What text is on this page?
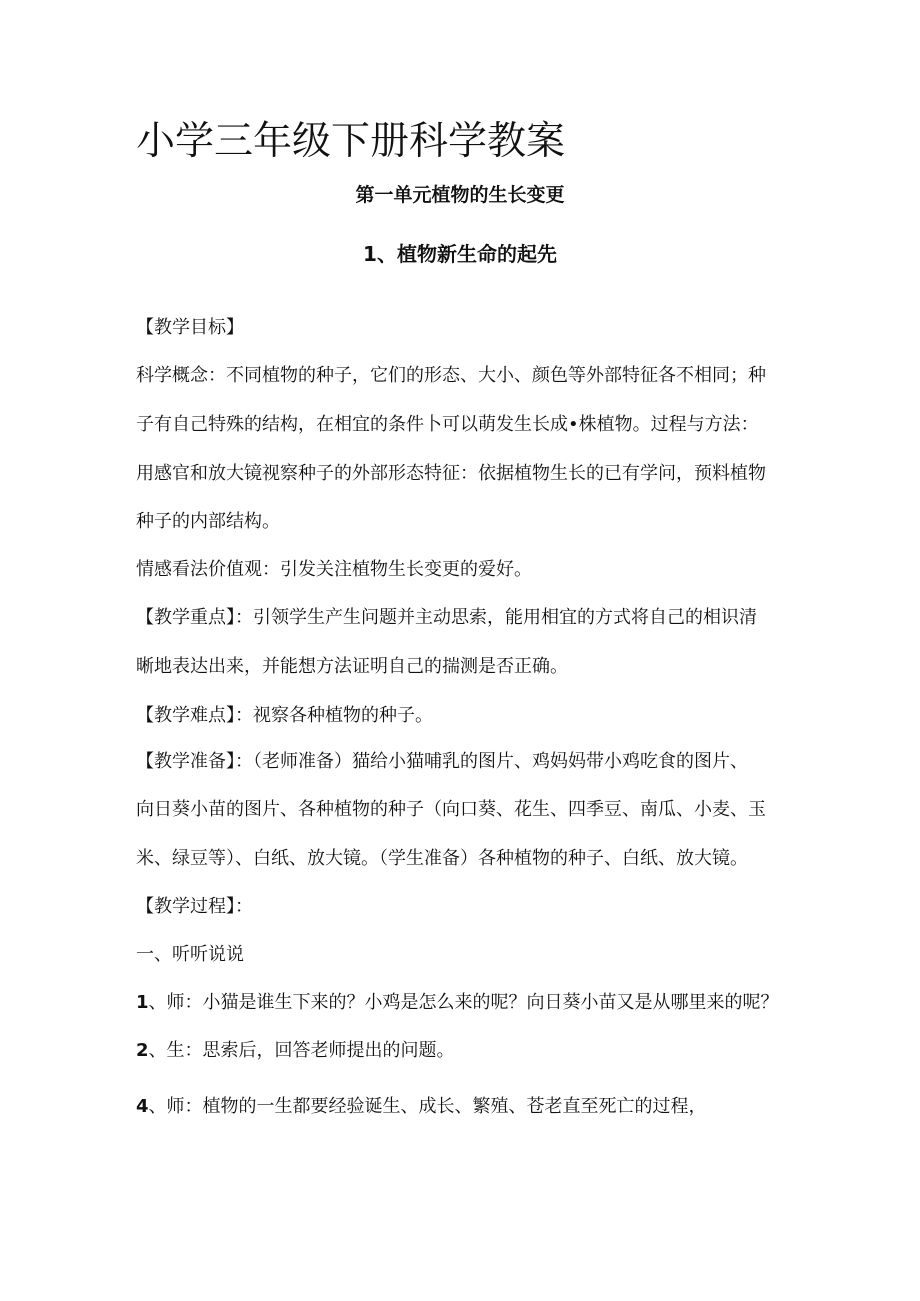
小学三年级下册科学教案
第一单元植物的生长变更
1、植物新生命的起先

【教学目标】

科学概念：不同植物的种子，它们的形态、大小、颜色等外部特征各不相同；种

子有自己特殊的结构，在相宜的条件卜可以萌发生长成•株植物。过程与方法：

用感官和放大镜视察种子的外部形态特征：依据植物生长的已有学问，预料植物

种子的内部结构。

情感看法价值观：引发关注植物生长变更的爱好。

【教学重点】：引领学生产生问题并主动思索，能用相宜的方式将自己的相识清

晰地表达出来，并能想方法证明自己的揣测是否正确。

【教学难点】：视察各种植物的种子。

【教学准备】：（老师准备）猫给小猫哺乳的图片、鸡妈妈带小鸡吃食的图片、

向日葵小苗的图片、各种植物的种子（向口葵、花生、四季豆、南瓜、小麦、玉

米、绿豆等）、白纸、放大镜。（学生准备）各种植物的种子、白纸、放大镜。

【教学过程】：

一、听听说说

1、师：小猫是谁生下来的？小鸡是怎么来的呢？向日葵小苗又是从哪里来的呢？

2、生：思索后，回答老师提出的问题。

4、师：植物的一生都要经验诞生、成长、繁殖、苍老直至死亡的过程，
